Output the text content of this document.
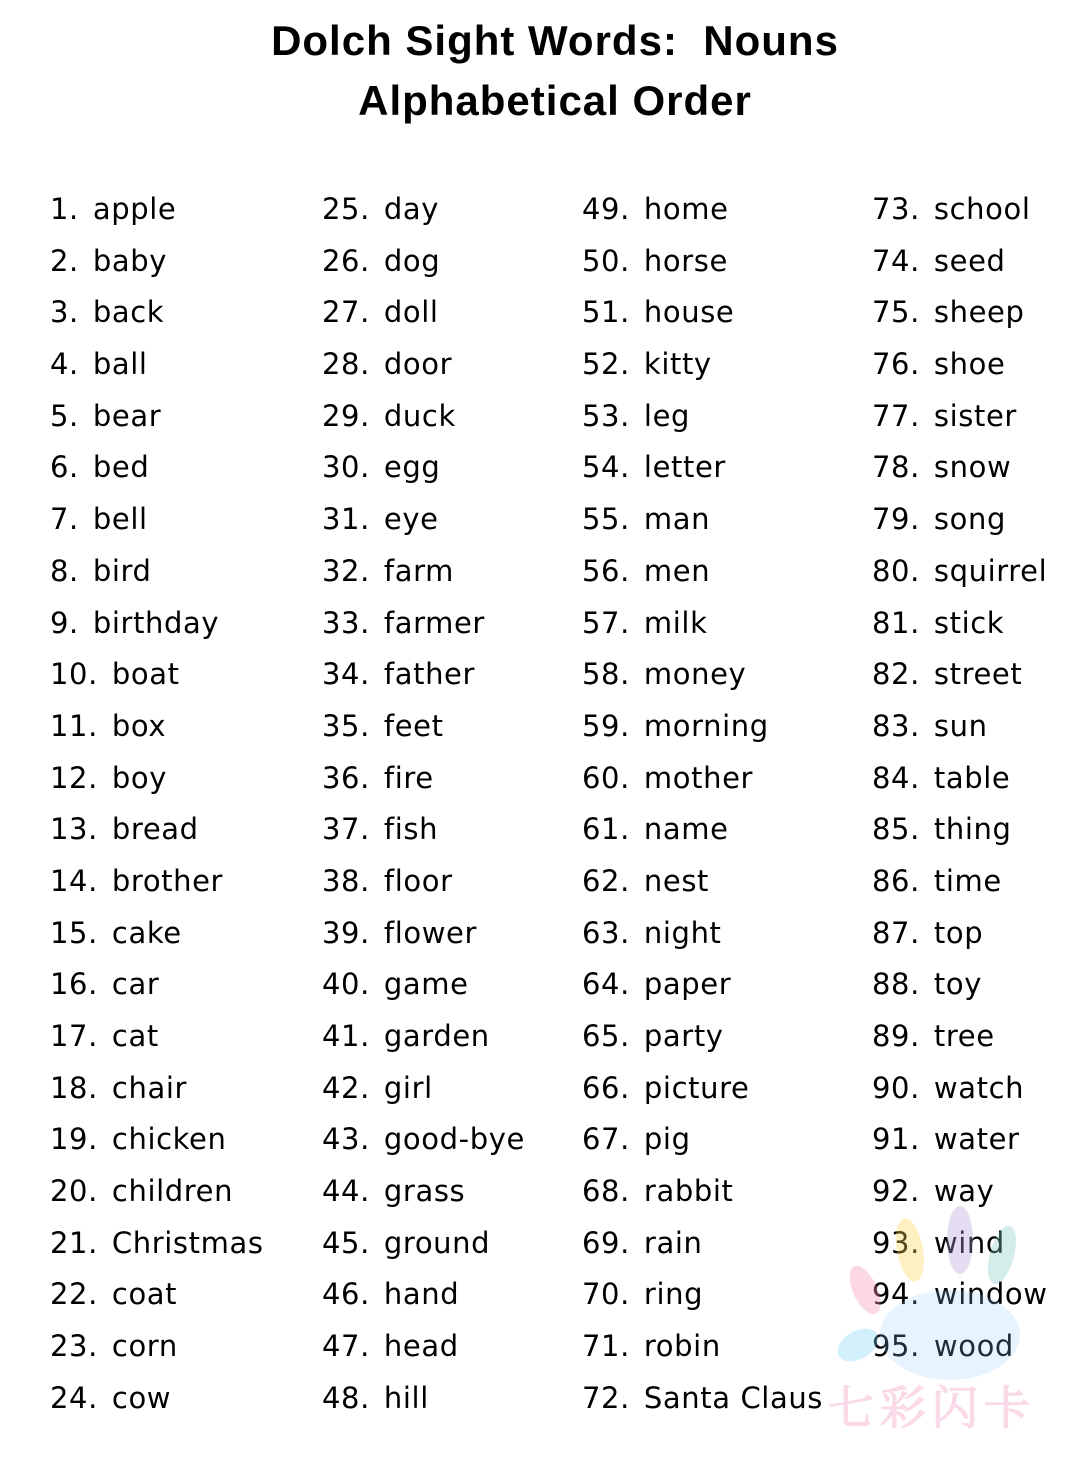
Dolch Sight Words:  Nouns
Alphabetical Order
1. apple
2. baby
3. back
4. ball
5. bear
6. bed
7. bell
8. bird
9. birthday
10. boat
11. box
12. boy
13. bread
14. brother
15. cake
16. car
17. cat
18. chair
19. chicken
20. children
21. Christmas
22. coat
23. corn
24. cow
25. day
26. dog
27. doll
28. door
29. duck
30. egg
31. eye
32. farm
33. farmer
34. father
35. feet
36. fire
37. fish
38. floor
39. flower
40. game
41. garden
42. girl
43. good-bye
44. grass
45. ground
46. hand
47. head
48. hill
49. home
50. horse
51. house
52. kitty
53. leg
54. letter
55. man
56. men
57. milk
58. money
59. morning
60. mother
61. name
62. nest
63. night
64. paper
65. party
66. picture
67. pig
68. rabbit
69. rain
70. ring
71. robin
72. Santa Claus
73. school
74. seed
75. sheep
76. shoe
77. sister
78. snow
79. song
80. squirrel
81. stick
82. street
83. sun
84. table
85. thing
86. time
87. top
88. toy
89. tree
90. watch
91. water
92. way
93. wind
94. window
95. wood
七彩闪卡
